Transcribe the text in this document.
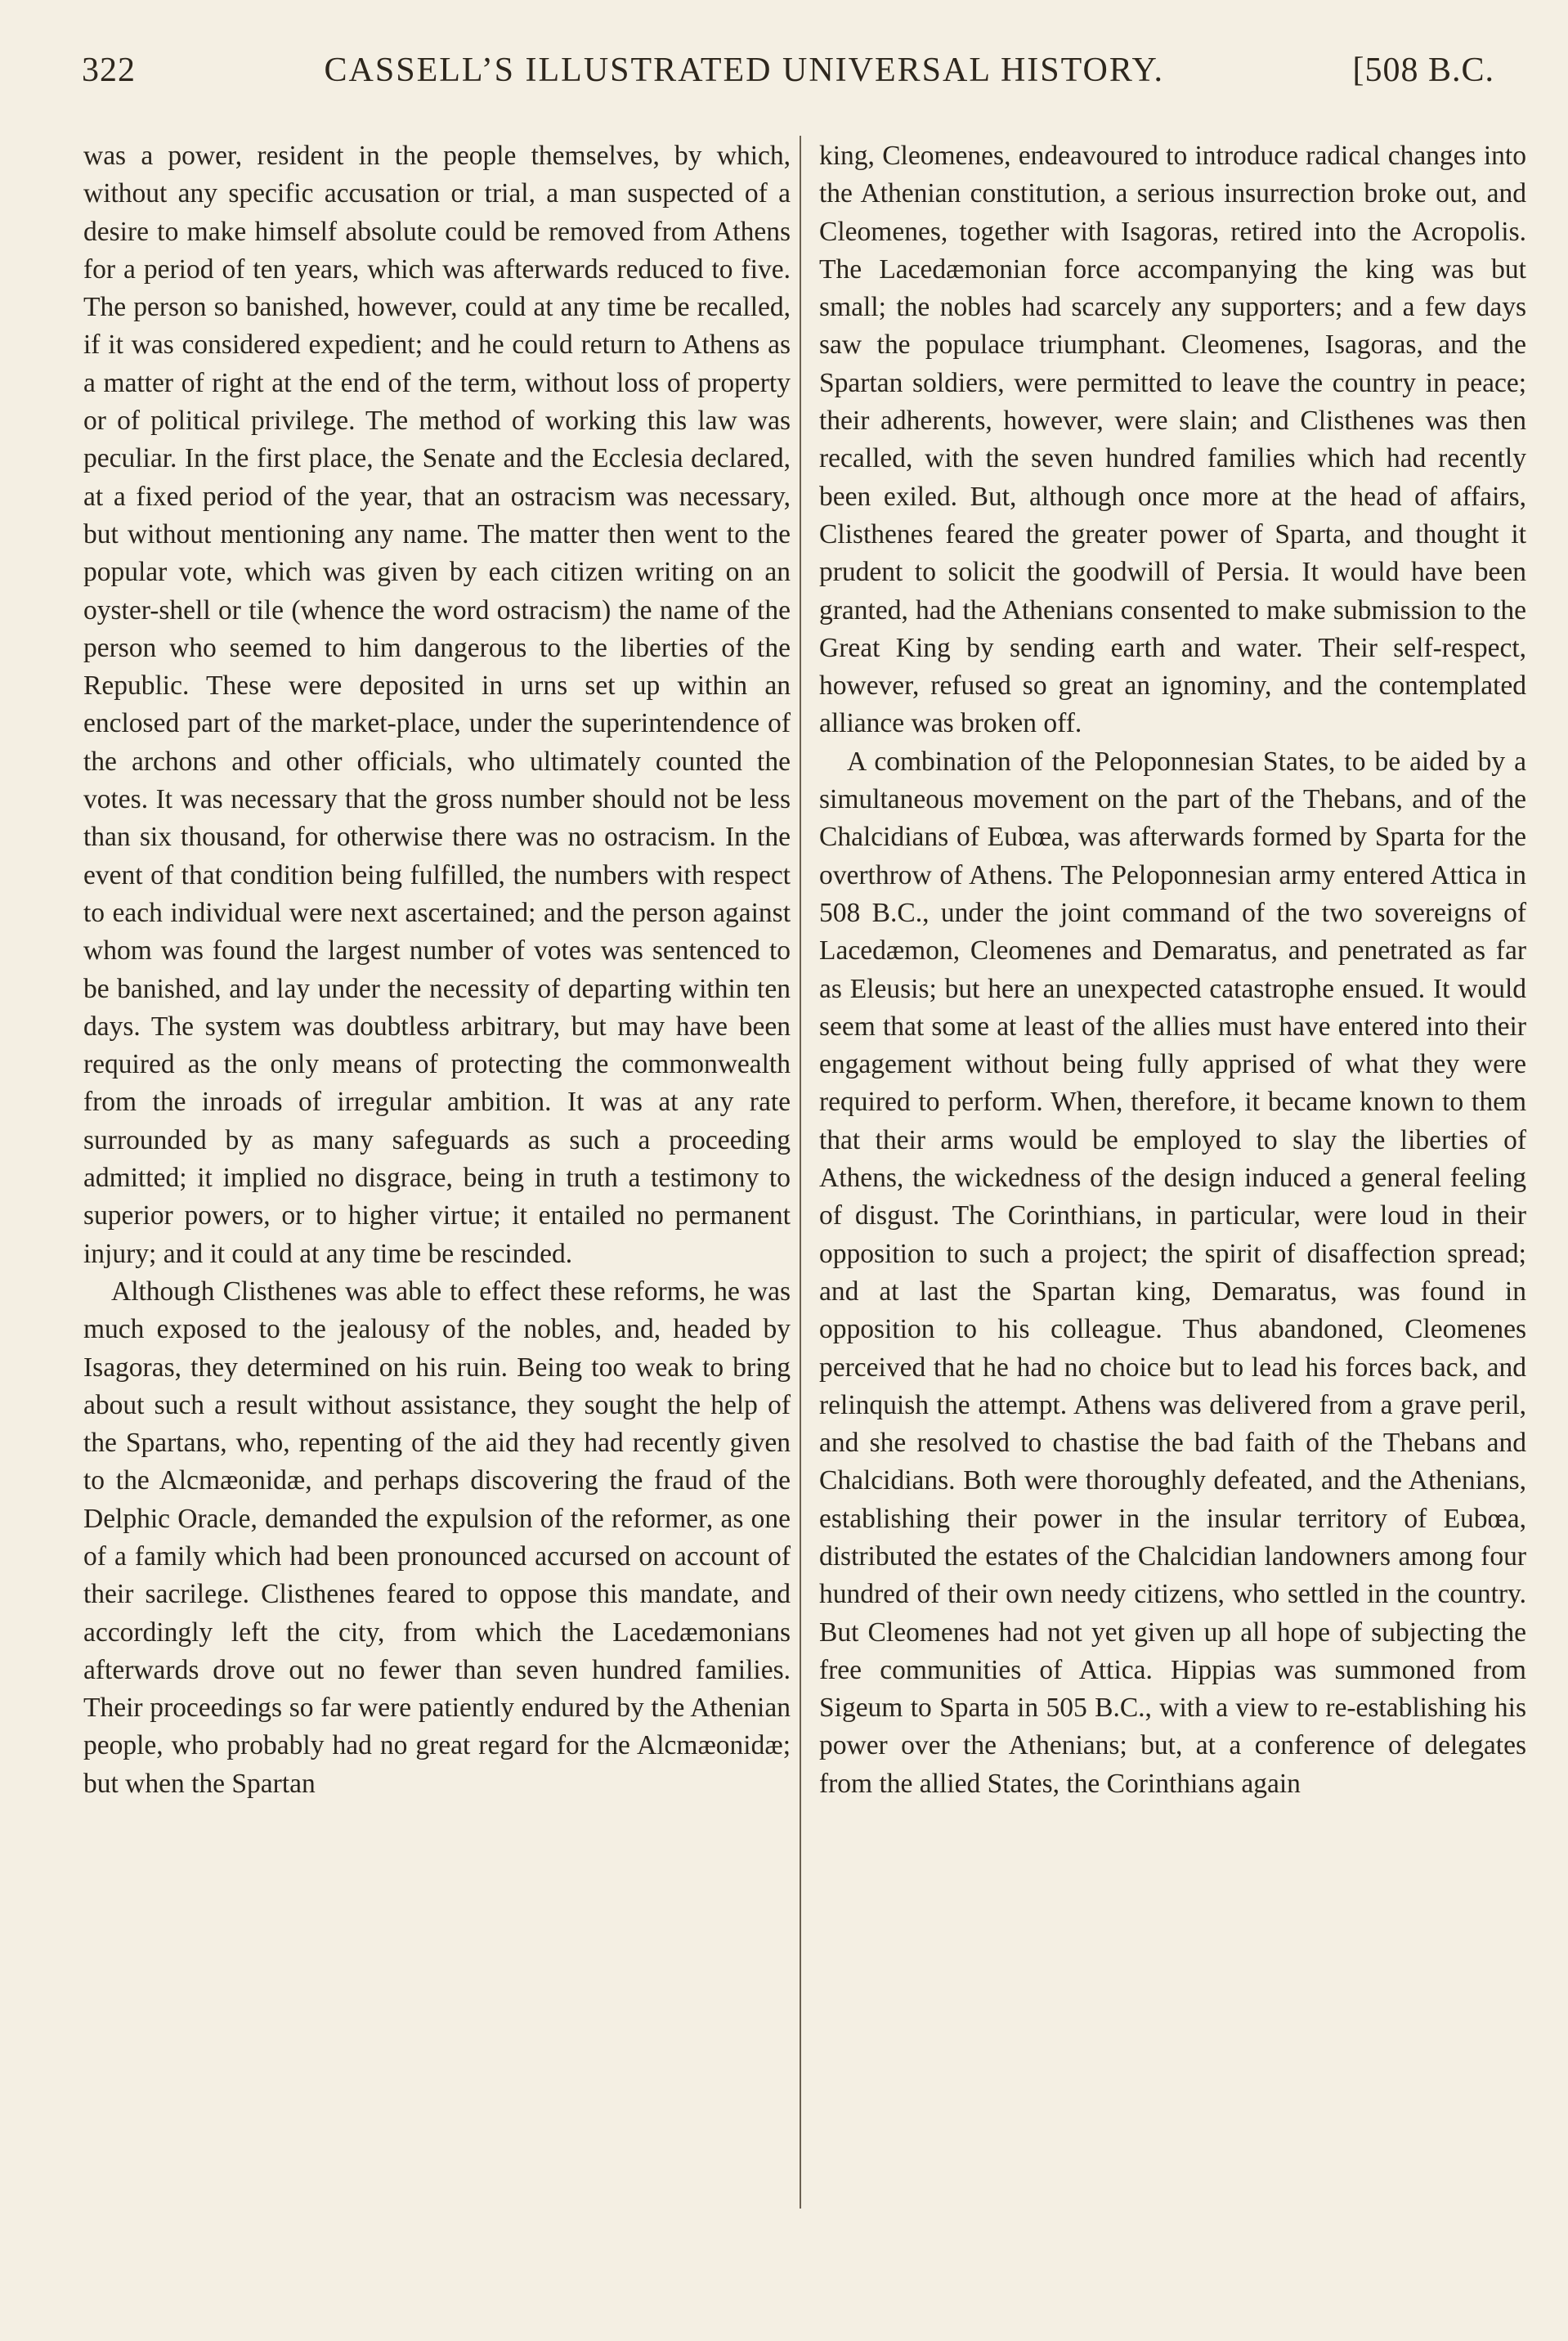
322	CASSELL’S ILLUSTRATED UNIVERSAL HISTORY.	[508 B.C.

was a power, resident in the people themselves, by which, without any specific accusation or trial, a man suspected of a desire to make himself absolute could be removed from Athens for a period of ten years, which was afterwards reduced to five. The person so banished, however, could at any time be recalled, if it was considered expedient; and he could return to Athens as a matter of right at the end of the term, without loss of property or of political privilege. The method of working this law was peculiar. In the first place, the Senate and the Ecclesia declared, at a fixed period of the year, that an ostracism was necessary, but without mentioning any name. The matter then went to the popular vote, which was given by each citizen writing on an oyster-shell or tile (whence the word ostracism) the name of the person who seemed to him dangerous to the liberties of the Republic. These were deposited in urns set up within an enclosed part of the market-place, under the superintendence of the archons and other officials, who ultimately counted the votes. It was necessary that the gross number should not be less than six thousand, for otherwise there was no ostracism. In the event of that condition being fulfilled, the numbers with respect to each individual were next ascertained; and the person against whom was found the largest number of votes was sentenced to be banished, and lay under the necessity of departing within ten days. The system was doubtless arbitrary, but may have been required as the only means of protecting the commonwealth from the inroads of irregular ambition. It was at any rate surrounded by as many safeguards as such a proceeding admitted; it implied no disgrace, being in truth a testimony to superior powers, or to higher virtue; it entailed no permanent injury; and it could at any time be rescinded.

Although Clisthenes was able to effect these reforms, he was much exposed to the jealousy of the nobles, and, headed by Isagoras, they determined on his ruin. Being too weak to bring about such a result without assistance, they sought the help of the Spartans, who, repenting of the aid they had recently given to the Alcmæonidæ, and perhaps discovering the fraud of the Delphic Oracle, demanded the expulsion of the reformer, as one of a family which had been pronounced accursed on account of their sacrilege. Clisthenes feared to oppose this mandate, and accordingly left the city, from which the Lacedæmonians afterwards drove out no fewer than seven hundred families. Their proceedings so far were patiently endured by the Athenian people, who probably had no great regard for the Alcmæonidæ; but when the Spartan

king, Cleomenes, endeavoured to introduce radical changes into the Athenian constitution, a serious insurrection broke out, and Cleomenes, together with Isagoras, retired into the Acropolis. The Lacedæmonian force accompanying the king was but small; the nobles had scarcely any supporters; and a few days saw the populace triumphant. Cleomenes, Isagoras, and the Spartan soldiers, were permitted to leave the country in peace; their adherents, however, were slain; and Clisthenes was then recalled, with the seven hundred families which had recently been exiled. But, although once more at the head of affairs, Clisthenes feared the greater power of Sparta, and thought it prudent to solicit the goodwill of Persia. It would have been granted, had the Athenians consented to make submission to the Great King by sending earth and water. Their self-respect, however, refused so great an ignominy, and the contemplated alliance was broken off.

A combination of the Peloponnesian States, to be aided by a simultaneous movement on the part of the Thebans, and of the Chalcidians of Eubœa, was afterwards formed by Sparta for the overthrow of Athens. The Peloponnesian army entered Attica in 508 B.C., under the joint command of the two sovereigns of Lacedæmon, Cleomenes and Demaratus, and penetrated as far as Eleusis; but here an unexpected catastrophe ensued. It would seem that some at least of the allies must have entered into their engagement without being fully apprised of what they were required to perform. When, therefore, it became known to them that their arms would be employed to slay the liberties of Athens, the wickedness of the design induced a general feeling of disgust. The Corinthians, in particular, were loud in their opposition to such a project; the spirit of disaffection spread; and at last the Spartan king, Demaratus, was found in opposition to his colleague. Thus abandoned, Cleomenes perceived that he had no choice but to lead his forces back, and relinquish the attempt. Athens was delivered from a grave peril, and she resolved to chastise the bad faith of the Thebans and Chalcidians. Both were thoroughly defeated, and the Athenians, establishing their power in the insular territory of Eubœa, distributed the estates of the Chalcidian landowners among four hundred of their own needy citizens, who settled in the country. But Cleomenes had not yet given up all hope of subjecting the free communities of Attica. Hippias was summoned from Sigeum to Sparta in 505 B.C., with a view to re-establishing his power over the Athenians; but, at a conference of delegates from the allied States, the Corinthians again
